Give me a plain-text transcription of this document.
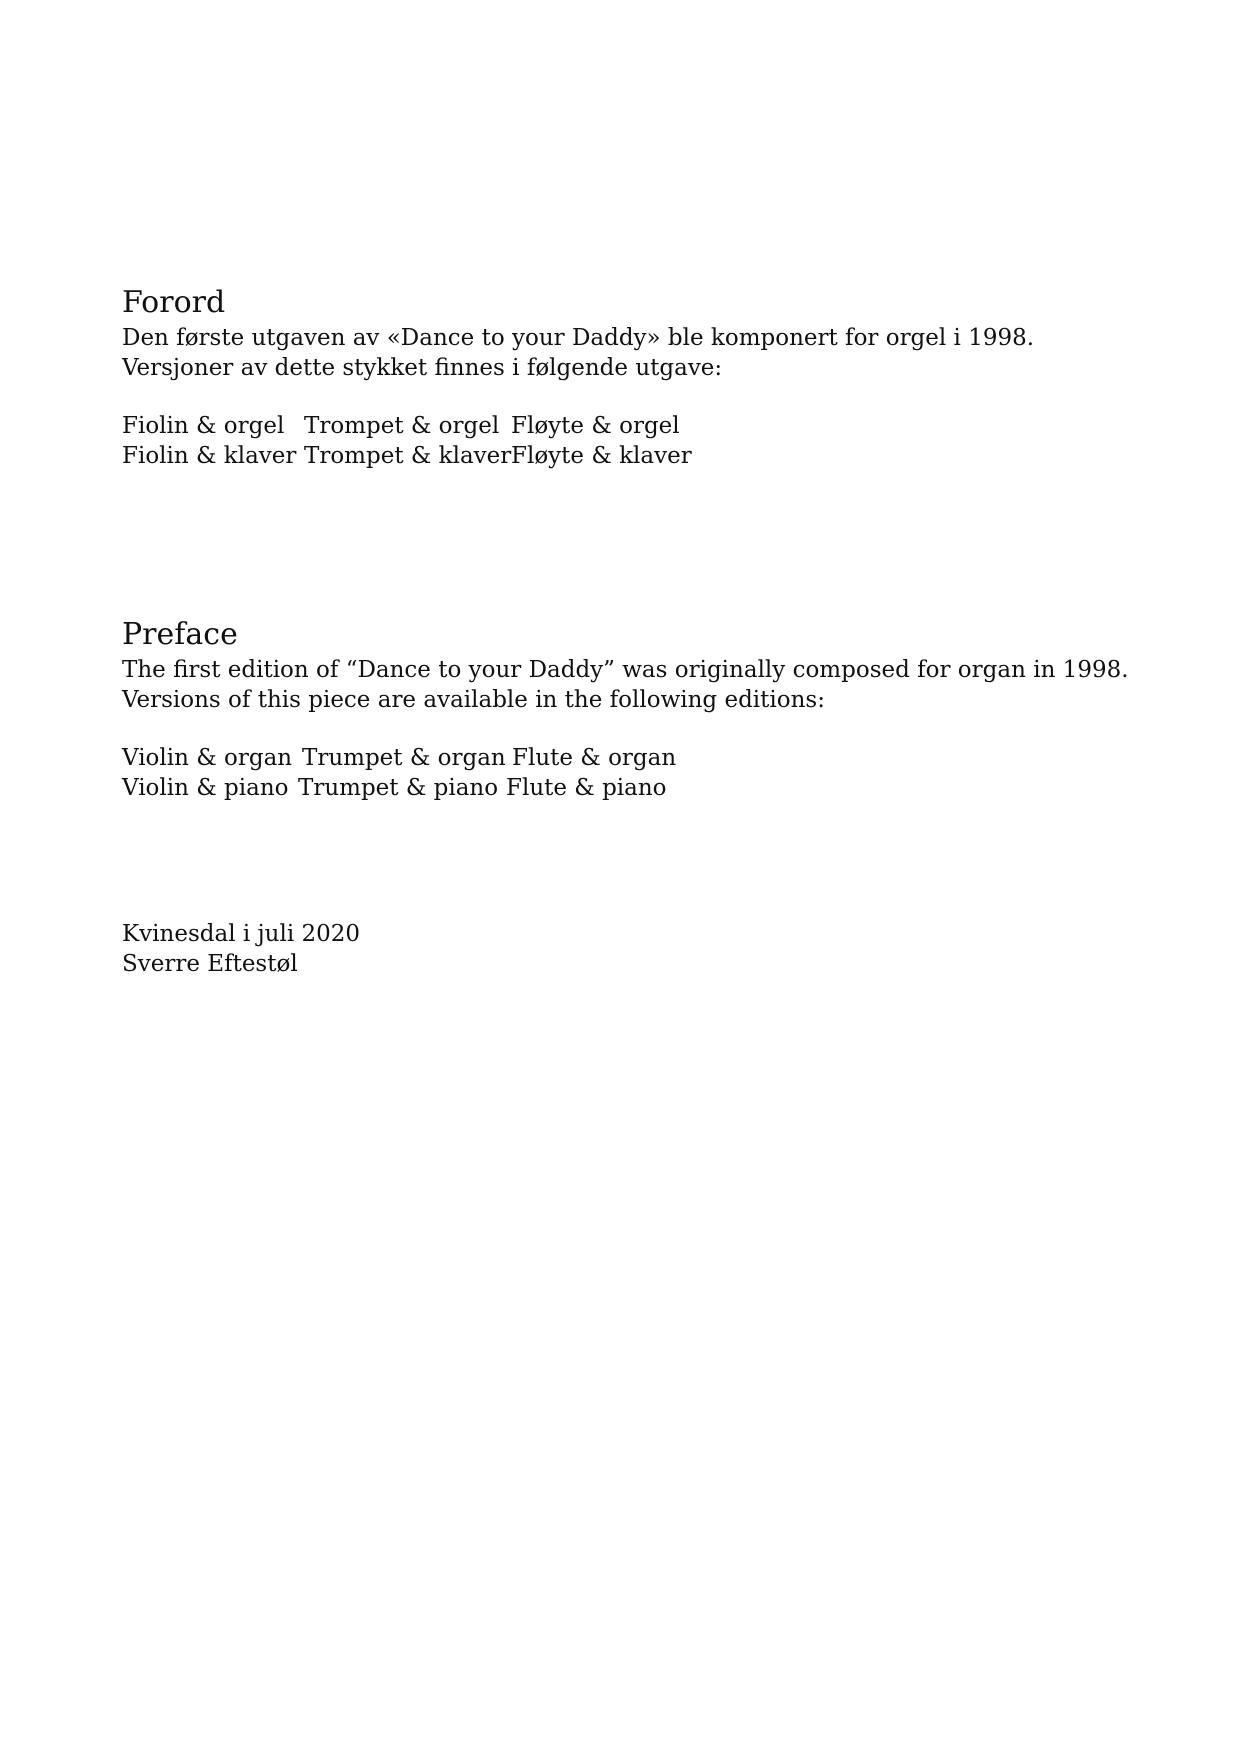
Forord

Den første utgaven av «Dance to your Daddy» ble komponert for orgel i 1998.

Versjoner av dette stykket finnes i følgende utgave:

Fiolin & orgel Trompet & orgel Fløyte & orgel
Fiolin & klaver Trompet & klaver Fløyte & klaver
Preface

The first edition of “Dance to your Daddy” was originally composed for organ in 1998.

Versions of this piece are available in the following editions:

Violin & organ Trumpet & organ Flute & organ
Violin & piano Trumpet & piano Flute & piano

Kvinesdal i juli 2020

Sverre Eftestøl
